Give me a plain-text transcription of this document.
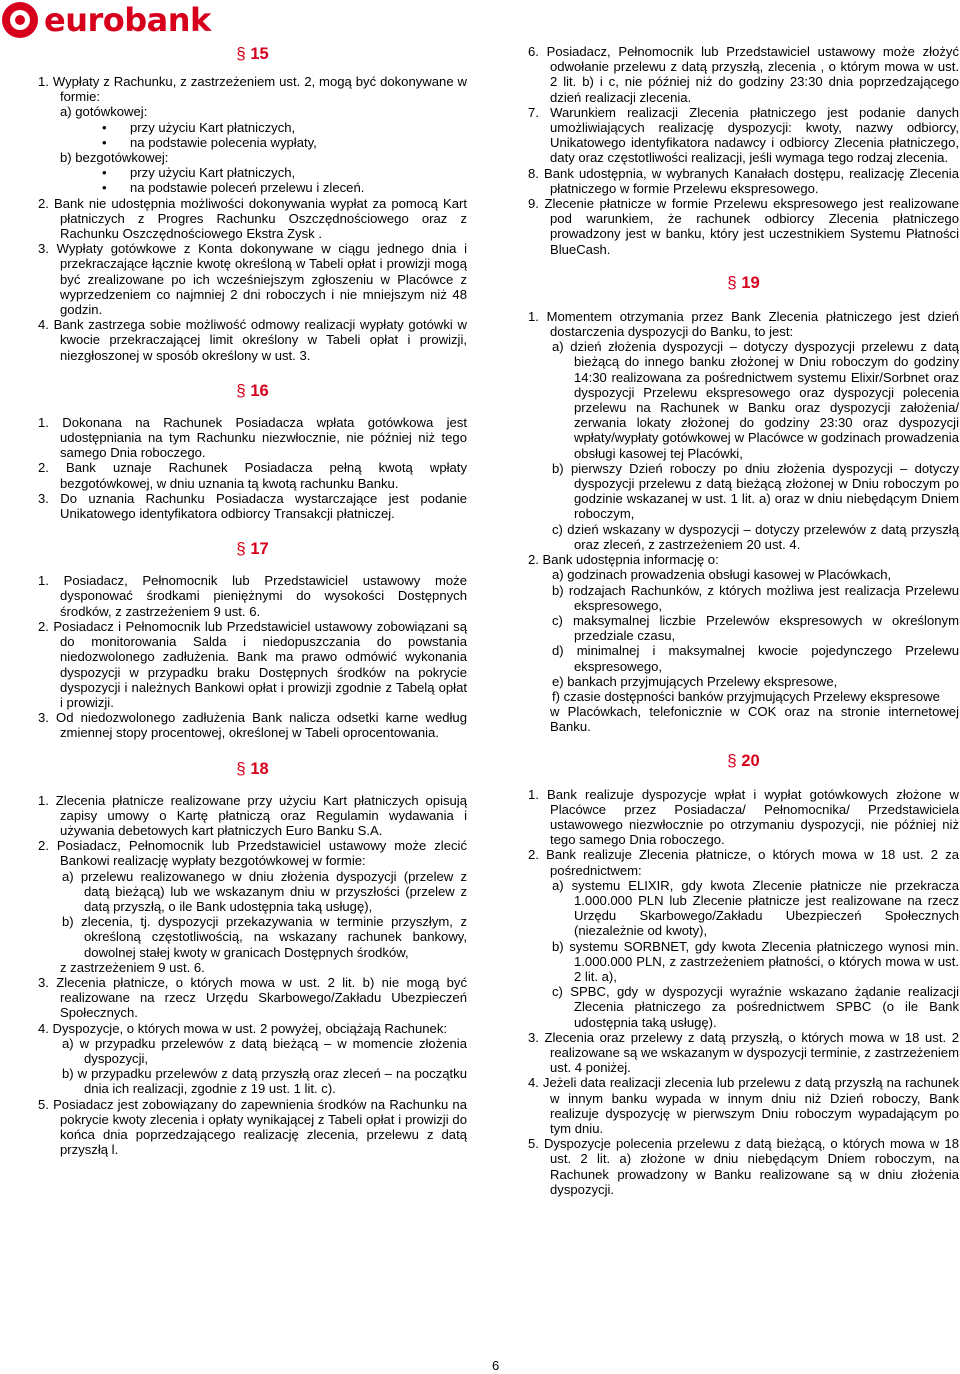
eurobank
§ 15

1. Wypłaty z Rachunku, z zastrzeżeniem ust. 2, mogą być dokonywane w formie:

a) gotówkowej:

• przy użyciu Kart płatniczych,

• na podstawie polecenia wypłaty,

b) bezgotówkowej:

• przy użyciu Kart płatniczych,

• na podstawie poleceń przelewu i zleceń.

2. Bank nie udostępnia możliwości dokonywania wypłat za pomocą Kart płatniczych z Progres Rachunku Oszczędnościowego oraz z Rachunku Oszczędnościowego Ekstra Zysk .

3. Wypłaty gotówkowe z Konta dokonywane w ciągu jednego dnia i przekraczające łącznie kwotę określoną w Tabeli opłat i prowizji mogą być zrealizowane po ich wcześniejszym zgłoszeniu w Placówce z wyprzedzeniem co najmniej 2 dni roboczych i nie mniejszym niż 48 godzin.

4. Bank zastrzega sobie możliwość odmowy realizacji wypłaty gotówki w kwocie przekraczającej limit określony w Tabeli opłat i prowizji, niezgłoszonej w sposób określony w ust. 3.

§ 16

1. Dokonana na Rachunek Posiadacza wpłata gotówkowa jest udostępniania na tym Rachunku niezwłocznie, nie później niż tego samego Dnia roboczego.

2. Bank uznaje Rachunek Posiadacza pełną kwotą wpłaty bezgotówkowej, w dniu uznania tą kwotą rachunku Banku.

3. Do uznania Rachunku Posiadacza wystarczające jest podanie Unikatowego identyfikatora odbiorcy Transakcji płatniczej.

§ 17

1. Posiadacz, Pełnomocnik lub Przedstawiciel ustawowy może dysponować środkami pieniężnymi do wysokości Dostępnych środków, z zastrzeżeniem 9 ust. 6.

2. Posiadacz i Pełnomocnik lub Przedstawiciel ustawowy zobowiązani są do monitorowania Salda i niedopuszczania do powstania niedozwolonego zadłużenia. Bank ma prawo odmówić wykonania dyspozycji w przypadku braku Dostępnych środków na pokrycie dyspozycji i należnych Bankowi opłat i prowizji zgodnie z Tabelą opłat i prowizji.

3. Od niedozwolonego zadłużenia Bank nalicza odsetki karne według zmiennej stopy procentowej, określonej w Tabeli oprocentowania.

§ 18

1. Zlecenia płatnicze realizowane przy użyciu Kart płatniczych opisują zapisy umowy o Kartę płatniczą oraz Regulamin wydawania i używania debetowych kart płatniczych Euro Banku S.A.

2. Posiadacz, Pełnomocnik lub Przedstawiciel ustawowy może zlecić Bankowi realizację wypłaty bezgotówkowej w formie:

a) przelewu realizowanego w dniu złożenia dyspozycji (przelew z datą bieżącą) lub we wskazanym dniu w przyszłości (przelew z datą przyszłą, o ile Bank udostępnia taką usługę),

b) zlecenia, tj. dyspozycji przekazywania w terminie przyszłym, z określoną częstotliwością, na wskazany rachunek bankowy, dowolnej stałej kwoty w granicach Dostępnych środków,

z zastrzeżeniem 9 ust. 6.

3. Zlecenia płatnicze, o których mowa w ust. 2 lit. b) nie mogą być realizowane na rzecz Urzędu Skarbowego/Zakładu Ubezpieczeń Społecznych.

4. Dyspozycje, o których mowa w ust. 2 powyżej, obciążają Rachunek:

a) w przypadku przelewów z datą bieżącą – w momencie złożenia dyspozycji,

b) w przypadku przelewów z datą przyszłą oraz zleceń – na początku dnia ich realizacji, zgodnie z 19 ust. 1 lit. c).

5. Posiadacz jest zobowiązany do zapewnienia środków na Rachunku na pokrycie kwoty zlecenia i opłaty wynikającej z Tabeli opłat i prowizji do końca dnia poprzedzającego realizację zlecenia, przelewu z datą przyszłą l.

6. Posiadacz, Pełnomocnik lub Przedstawiciel ustawowy może złożyć odwołanie przelewu z datą przyszłą, zlecenia , o którym mowa w ust. 2 lit. b) i c, nie później niż do godziny 23:30 dnia poprzedzającego dzień realizacji zlecenia.

7. Warunkiem realizacji Zlecenia płatniczego jest podanie danych umożliwiających realizację dyspozycji: kwoty, nazwy odbiorcy, Unikatowego identyfikatora nadawcy i odbiorcy Zlecenia płatniczego, daty oraz częstotliwości realizacji, jeśli wymaga tego rodzaj zlecenia.

8. Bank udostępnia, w wybranych Kanałach dostępu, realizację Zlecenia płatniczego w formie Przelewu ekspresowego.

9. Zlecenie płatnicze w formie Przelewu ekspresowego jest realizowane pod warunkiem, że rachunek odbiorcy Zlecenia płatniczego prowadzony jest w banku, który jest uczestnikiem Systemu Płatności BlueCash.

§ 19

1. Momentem otrzymania przez Bank Zlecenia płatniczego jest dzień dostarczenia dyspozycji do Banku, to jest:

a) dzień złożenia dyspozycji – dotyczy dyspozycji przelewu z datą bieżącą do innego banku złożonej w Dniu roboczym do godziny 14:30 realizowana za pośrednictwem systemu Elixir/Sorbnet oraz dyspozycji Przelewu ekspresowego oraz dyspozycji polecenia przelewu na Rachunek w Banku oraz dyspozycji założenia/ zerwania lokaty złożonej do godziny 23:30 oraz dyspozycji wpłaty/wypłaty gotówkowej w Placówce w godzinach prowadzenia obsługi kasowej tej Placówki,

b) pierwszy Dzień roboczy po dniu złożenia dyspozycji – dotyczy dyspozycji przelewu z datą bieżącą złożonej w Dniu roboczym po godzinie wskazanej w ust. 1 lit. a) oraz w dniu niebędącym Dniem roboczym,

c) dzień wskazany w dyspozycji – dotyczy przelewów z datą przyszłą oraz zleceń, z zastrzeżeniem 20 ust. 4.

2. Bank udostępnia informację o:

a) godzinach prowadzenia obsługi kasowej w Placówkach,

b) rodzajach Rachunków, z których możliwa jest realizacja Przelewu ekspresowego,

c) maksymalnej liczbie Przelewów ekspresowych w określonym przedziale czasu,

d) minimalnej i maksymalnej kwocie pojedynczego Przelewu ekspresowego,

e) bankach przyjmujących Przelewy ekspresowe,

f) czasie dostępności banków przyjmujących Przelewy ekspresowe

w Placówkach, telefonicznie w COK oraz na stronie internetowej Banku.

§ 20

1. Bank realizuje dyspozycje wpłat i wypłat gotówkowych złożone w Placówce przez Posiadacza/ Pełnomocnika/ Przedstawiciela ustawowego niezwłocznie po otrzymaniu dyspozycji, nie później niż tego samego Dnia roboczego.

2. Bank realizuje Zlecenia płatnicze, o których mowa w 18 ust. 2 za pośrednictwem:

a) systemu ELIXIR, gdy kwota Zlecenie płatnicze nie przekracza 1.000.000 PLN lub Zlecenie płatnicze jest realizowane na rzecz Urzędu Skarbowego/Zakładu Ubezpieczeń Społecznych (niezależnie od kwoty),

b) systemu SORBNET, gdy kwota Zlecenia płatniczego wynosi min. 1.000.000 PLN, z zastrzeżeniem płatności, o których mowa w ust. 2 lit. a),

c) SPBC, gdy w dyspozycji wyraźnie wskazano żądanie realizacji Zlecenia płatniczego za pośrednictwem SPBC (o ile Bank udostępnia taką usługę).

3. Zlecenia oraz przelewy z datą przyszłą, o których mowa w 18 ust. 2 realizowane są we wskazanym w dyspozycji terminie, z zastrzeżeniem ust. 4 poniżej.

4. Jeżeli data realizacji zlecenia lub przelewu z datą przyszłą na rachunek w innym banku wypada w innym dniu niż Dzień roboczy, Bank realizuje dyspozycję w pierwszym Dniu roboczym wypadającym po tym dniu.

5. Dyspozycje polecenia przelewu z datą bieżącą, o których mowa w 18 ust. 2 lit. a) złożone w dniu niebędącym Dniem roboczym, na Rachunek prowadzony w Banku realizowane są w dniu złożenia dyspozycji.

6
